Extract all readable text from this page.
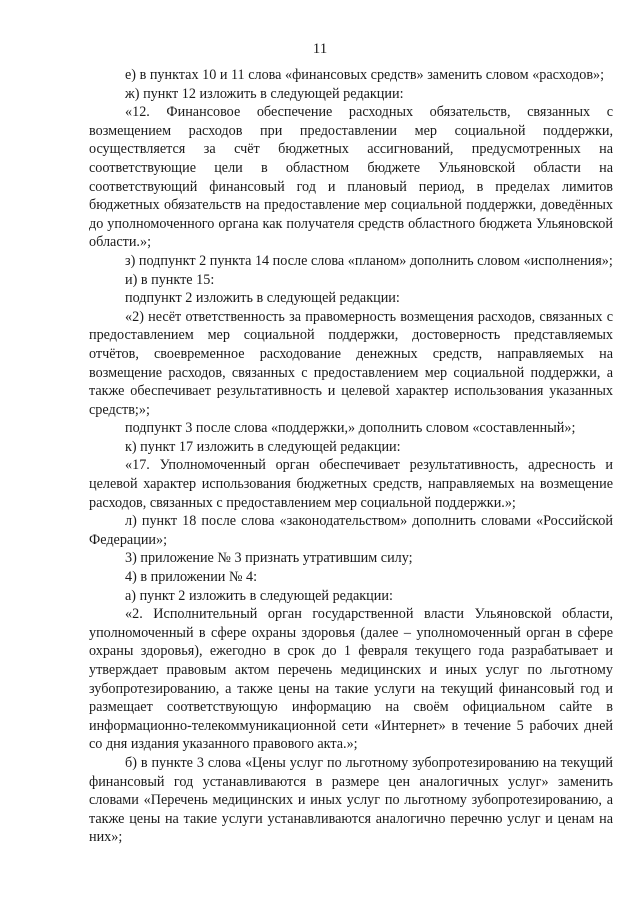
11

е) в пунктах 10 и 11 слова «финансовых средств» заменить словом «расходов»;

ж) пункт 12 изложить в следующей редакции:

«12. Финансовое обеспечение расходных обязательств, связанных с возмещением расходов при предоставлении мер социальной поддержки, осуществляется за счёт бюджетных ассигнований, предусмотренных на соответствующие цели в областном бюджете Ульяновской области на соответствующий финансовый год и плановый период, в пределах лимитов бюджетных обязательств на предоставление мер социальной поддержки, доведённых до уполномоченного органа как получателя средств областного бюджета Ульяновской области.»;

з) подпункт 2 пункта 14 после слова «планом» дополнить словом «исполнения»;

и) в пункте 15:

подпункт 2 изложить в следующей редакции:

«2) несёт ответственность за правомерность возмещения расходов, связанных с предоставлением мер социальной поддержки, достоверность представляемых отчётов, своевременное расходование денежных средств, направляемых на возмещение расходов, связанных с предоставлением мер социальной поддержки, а также обеспечивает результативность и целевой характер использования указанных средств;»;

подпункт 3 после слова «поддержки,» дополнить словом «составленный»;

к) пункт 17 изложить в следующей редакции:

«17. Уполномоченный орган обеспечивает результативность, адресность и целевой характер использования бюджетных средств, направляемых на возмещение расходов, связанных с предоставлением мер социальной поддержки.»;

л) пункт 18 после слова «законодательством» дополнить словами «Российской Федерации»;

3) приложение № 3 признать утратившим силу;

4) в приложении № 4:

а) пункт 2 изложить в следующей редакции:

«2. Исполнительный орган государственной власти Ульяновской области, уполномоченный в сфере охраны здоровья (далее – уполномоченный орган в сфере охраны здоровья), ежегодно в срок до 1 февраля текущего года разрабатывает и утверждает правовым актом перечень медицинских и иных услуг по льготному зубопротезированию, а также цены на такие услуги на текущий финансовый год и размещает соответствующую информацию на своём официальном сайте в информационно-телекоммуникационной сети «Интернет» в течение 5 рабочих дней со дня издания указанного правового акта.»;

б) в пункте 3 слова «Цены услуг по льготному зубопротезированию на текущий финансовый год устанавливаются в размере цен аналогичных услуг» заменить словами «Перечень медицинских и иных услуг по льготному зубопротезированию, а также цены на такие услуги устанавливаются аналогично перечню услуг и ценам на них»;
